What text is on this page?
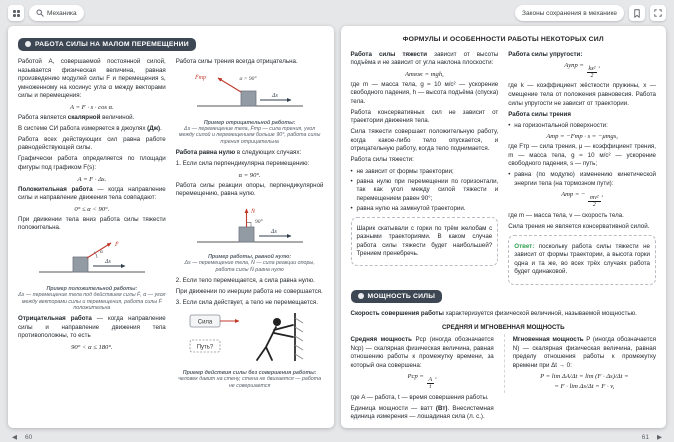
Механика	Законы сохранения в механике
РАБОТА СИЛЫ НА МАЛОМ ПЕРЕМЕЩЕНИИ

Работой A, совершаемой постоянной силой, называется физическая величина, равная произведению модулей силы F и перемещения s, умноженному на косинус угла α между векторами силы и перемещения:

A = F · s · cos α.

Работа является скалярной величиной.

В системе СИ работа измеряется в джоулях (Дж).

Работа всех действующих сил равна работе равнодействующей силы.

Графически работа определяется по площади фигуры под графиком F(s):

A = F · Δs.

Положительная работа — когда направление силы и направление движения тела совпадают:

0° ≤ α < 90°.

При движении тела вниз работа силы тяжести положительна.

Δs
F̄
α
Пример положительной работы:
Δs — перемещение тела под действием силы F̄, α — угол между векторами силы и перемещения, работа силы F̄ положительна

Отрицательная работа — когда направление силы и направление движения тела противоположны, то есть

90° < α ≤ 180°.

Работа силы трения всегда отрицательна.

Δs
F̄тр	α > 90°
Пример отрицательной работы:
Δs — перемещение тела, F̄тр — сила трения, угол между силой и перемещением больше 90°, работа силы трения отрицательна

Работа равна нулю в следующих случаях:

1. Если сила перпендикулярна перемещению:

α = 90°.

Работа силы реакции опоры, перпендикулярной перемещению, равна нулю.

N̄
Δs
90°
Пример работы, равной нулю:
Δs — перемещение тела, N̄ — сила реакции опоры, работа силы N̄ равна нулю

2. Если тело перемещается, а сила равна нулю.

При движении по инерции работа не совершается.

3. Если сила действует, а тело не перемещается.

Сила
Путь?
Пример действия силы без совершения работы:
человек давит на стену, стена не двигается — работа не совершается
ФОРМУЛЫ И ОСОБЕННОСТИ РАБОТЫ НЕКОТОРЫХ СИЛ

Работа силы тяжести зависит от высоты подъёма и не зависит от угла наклона плоскости:

Aтяж = mgh,

где m — масса тела, g ≈ 10 м/с² — ускорение свободного падения, h — высота подъёма (спуска) тела.

Работа консервативных сил не зависит от траектории движения тела.

Сила тяжести совершает положительную работу, когда какое-либо тело опускается, и отрицательную работу, когда тело поднимается.

Работа силы тяжести:

• не зависит от формы траектории;
• равна нулю при перемещении по горизонтали, так как угол между силой тяжести и перемещением равен 90°;
• равна нулю на замкнутой траектории.

Шарик скатывали с горки по трём желобам с разными траекториями. В каком случае работа силы тяжести будет наибольшей? Трением пренебречь.

Работа силы упругости:

Aупр =
$\frac{\text{kx²}}{2}$
,

где k — коэффициент жёсткости пружины, x — смещение тела от положения равновесия. Работа силы упругости не зависит от траектории.

Работа силы трения

• на горизонтальной поверхности:
Aтр = −Fтр · s = −μmgs,

где Fтр — сила трения, μ — коэффициент трения, m — масса тела, g ≈ 10 м/с² — ускорение свободного падения, s — путь;

• равна (по модулю) изменению кинетической энергии тела (на тормозном пути):
Aтр = −
$\frac{\text{mv²}}{2}$
,

где m — масса тела, v — скорость тела.

Сила трения не является консервативной силой.

Ответ: поскольку работа силы тяжести не зависит от формы траектории, а высота горки одна и та же, во всех трёх случаях работа будет одинаковой.

МОЩНОСТЬ СИЛЫ

Скорость совершения работы характеризуется физической величиной, называемой мощностью.

СРЕДНЯЯ И МГНОВЕННАЯ МОЩНОСТЬ

Средняя мощность Pср (иногда обозначается Nср) — скалярная физическая величина, равная отношению работы к промежутку времени, за который она совершена:

Pср =
$\frac{A}{t}$
,

где A — работа, t — время совершения работы.

Единица мощности — ватт (Вт). Внесистемная единица измерения — лошадиная сила (л. с.).

Мгновенная мощность P (иногда обозначается N) — скалярная физическая величина, равная пределу отношения работы к промежутку времени при Δt → 0:

P = lim ΔA/Δt = lim (F · Δs)/Δt =
= F · lim Δs/Δt = F · v,
◀	60	61	▶
